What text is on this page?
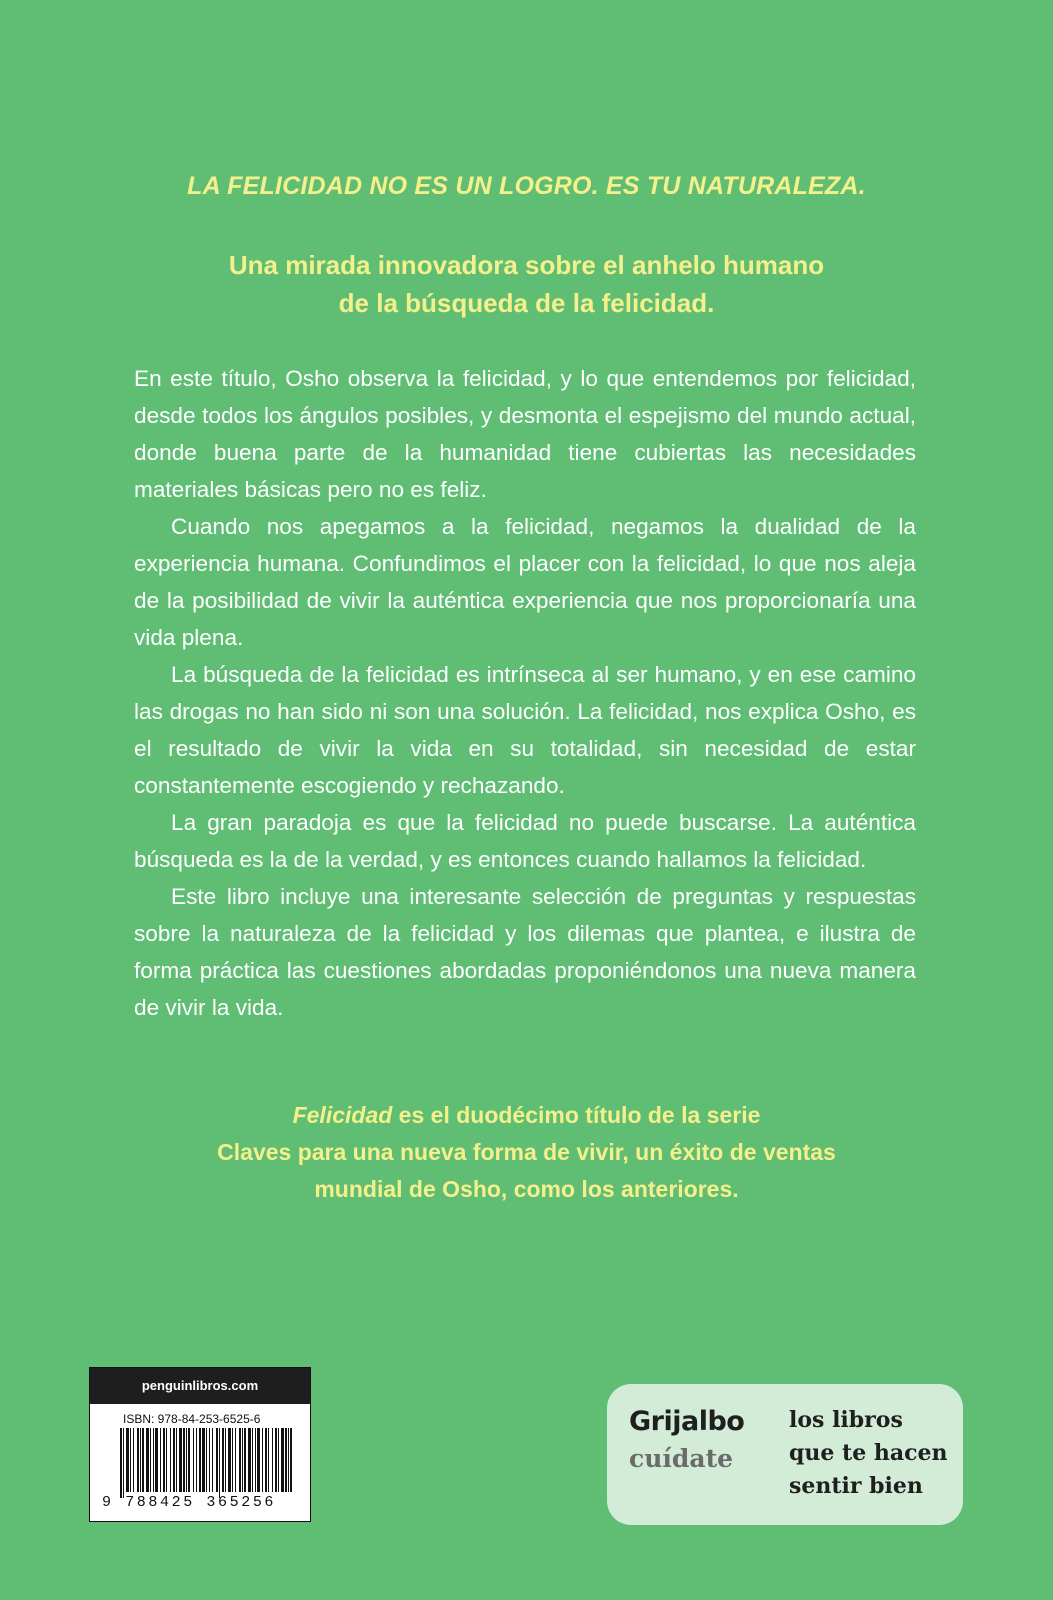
LA FELICIDAD NO ES UN LOGRO. ES TU NATURALEZA.
Una mirada innovadora sobre el anhelo humano
de la búsqueda de la felicidad.

En este título, Osho observa la felicidad, y lo que entendemos por felicidad, desde todos los ángulos posibles, y desmonta el espejismo del mundo actual, donde buena parte de la humanidad tiene cubiertas las necesidades materiales básicas pero no es feliz.

Cuando nos apegamos a la felicidad, negamos la dualidad de la experiencia humana. Confundimos el placer con la felicidad, lo que nos aleja de la posibilidad de vivir la auténtica experiencia que nos proporcionaría una vida plena.

La búsqueda de la felicidad es intrínseca al ser humano, y en ese camino las drogas no han sido ni son una solución. La felicidad, nos explica Osho, es el resultado de vivir la vida en su totalidad, sin necesidad de estar constantemente escogiendo y rechazando.

La gran paradoja es que la felicidad no puede buscarse. La auténtica búsqueda es la de la verdad, y es entonces cuando hallamos la felicidad.

Este libro incluye una interesante selección de preguntas y respuestas sobre la naturaleza de la felicidad y los dilemas que plantea, e ilustra de forma práctica las cuestiones abordadas proponiéndonos una nueva manera de vivir la vida.

Felicidad es el duodécimo título de la serie
Claves para una nueva forma de vivir, un éxito de ventas
mundial de Osho, como los anteriores.
penguinlibros.com
ISBN: 978-84-253-6525-6
9 788425 365256
Grijalbo
cuídate
los libros
que te hacen
sentir bien
